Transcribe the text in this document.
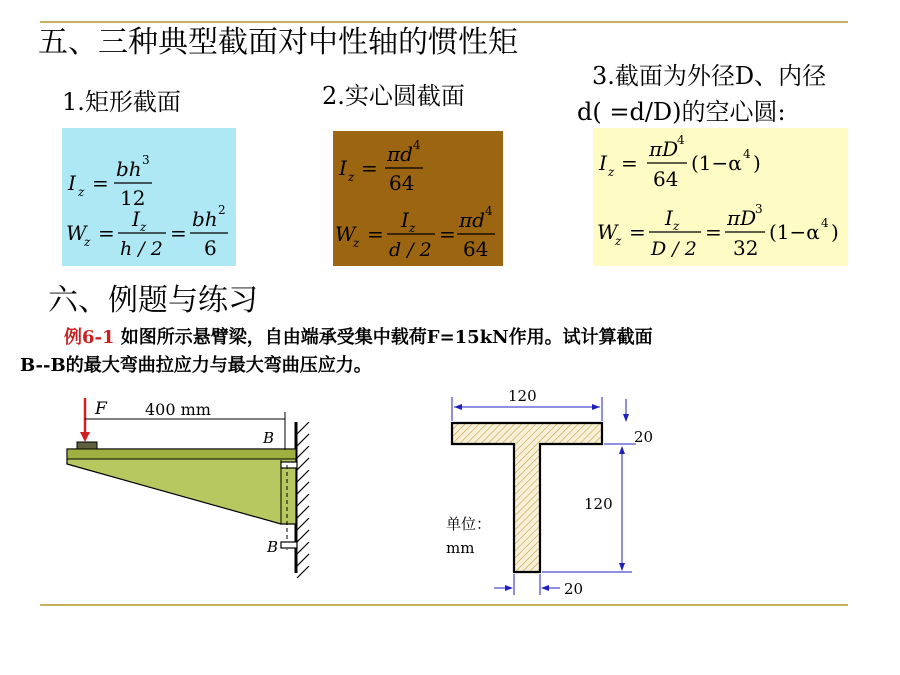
五、三种典型截面对中性轴的惯性矩
1.矩形截面	2.实心圆截面
3.截面为外径D、内径
d( =d/D)的空心圆:
I z =
bh 3
12
W
z =
I z
h / 2
=
bh 2
6
I z =
πd 4
64
W
z =
I z
d / 2
=
πd 4
64
I z =
πD
4
64
(1−α 4 )
W
z =
I z
D / 2
=
πD
3
32
(1−α 4 )
六、例题与练习
例6-1 如图所示悬臂梁，自由端承受集中载荷F=15kN作用。试计算截面
B--B的最大弯曲拉应力与最大弯曲压应力。
F 400 mm
B
B
120
20
120
20
单位：
mm
